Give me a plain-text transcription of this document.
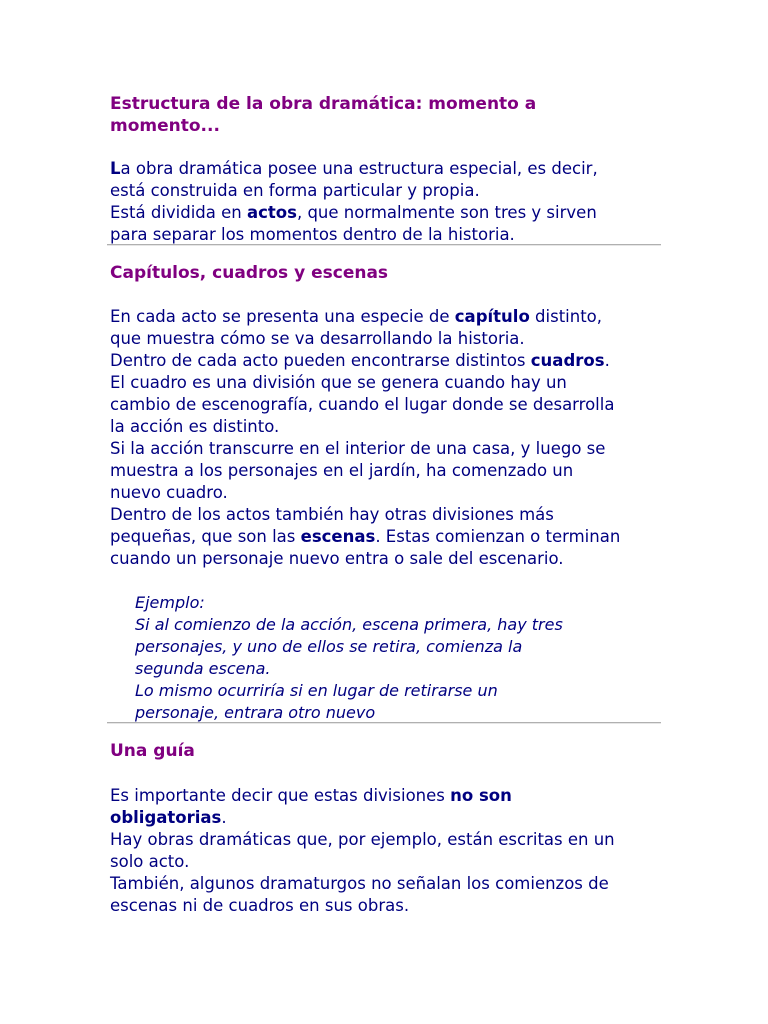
Estructura de la obra dramática: momento a
momento...

La obra dramática posee una estructura especial, es decir,
está construida en forma particular y propia.
Está dividida en actos, que normalmente son tres y sirven
para separar los momentos dentro de la historia.

Capítulos, cuadros y escenas

En cada acto se presenta una especie de capítulo distinto,
que muestra cómo se va desarrollando la historia.
Dentro de cada acto pueden encontrarse distintos cuadros.
El cuadro es una división que se genera cuando hay un
cambio de escenografía, cuando el lugar donde se desarrolla
la acción es distinto.
Si la acción transcurre en el interior de una casa, y luego se
muestra a los personajes en el jardín, ha comenzado un
nuevo cuadro.
Dentro de los actos también hay otras divisiones más
pequeñas, que son las escenas. Estas comienzan o terminan
cuando un personaje nuevo entra o sale del escenario.

Ejemplo:
Si al comienzo de la acción, escena primera, hay tres
personajes, y uno de ellos se retira, comienza la
segunda escena.
Lo mismo ocurriría si en lugar de retirarse un
personaje, entrara otro nuevo

Una guía

Es importante decir que estas divisiones no son
obligatorias.
Hay obras dramáticas que, por ejemplo, están escritas en un
solo acto.
También, algunos dramaturgos no señalan los comienzos de
escenas ni de cuadros en sus obras.
